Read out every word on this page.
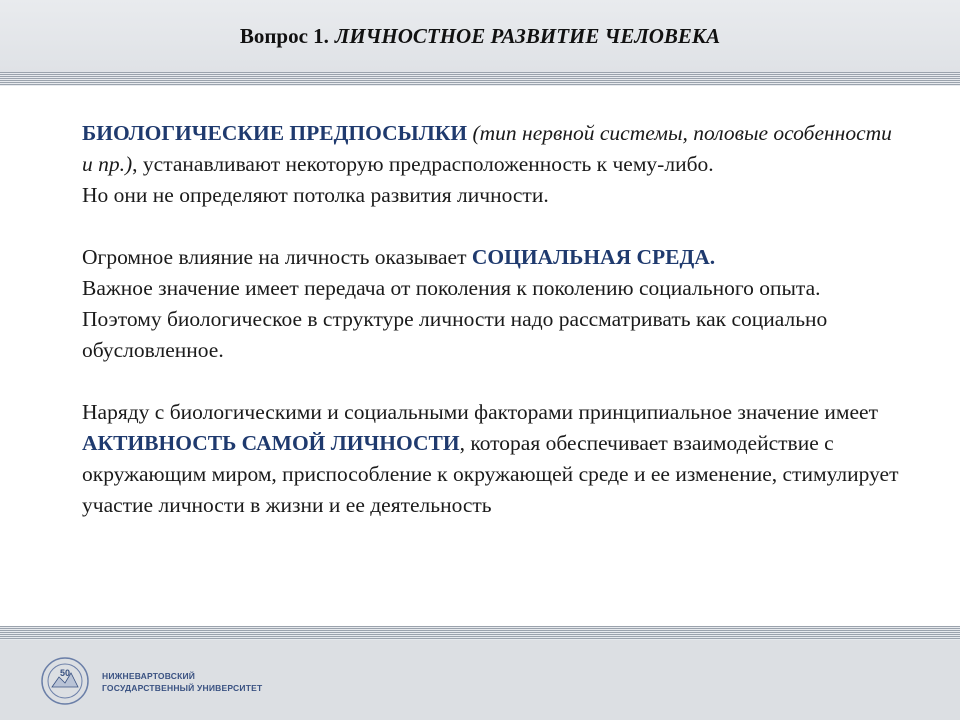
Вопрос 1. ЛИЧНОСТНОЕ РАЗВИТИЕ ЧЕЛОВЕКА

БИОЛОГИЧЕСКИЕ ПРЕДПОСЫЛКИ (тип нервной системы, половые особенности и пр.), устанавливают некоторую предрасположенность к чему-либо.
Но они не определяют потолка развития личности.

Огромное влияние на личность оказывает СОЦИАЛЬНАЯ СРЕДА.
Важное значение имеет передача от поколения к поколению социального опыта. Поэтому биологическое в структуре личности надо рассматривать как социально обусловленное.

Наряду с биологическими и социальными факторами принципиальное значение имеет АКТИВНОСТЬ САМОЙ ЛИЧНОСТИ, которая обеспечивает взаимодействие с окружающим миром, приспособление к окружающей среде и ее изменение, стимулирует участие личности в жизни и ее деятельность

50	НИЖНЕВАРТОВСКИЙ
ГОСУДАРСТВЕННЫЙ УНИВЕРСИТЕТ
